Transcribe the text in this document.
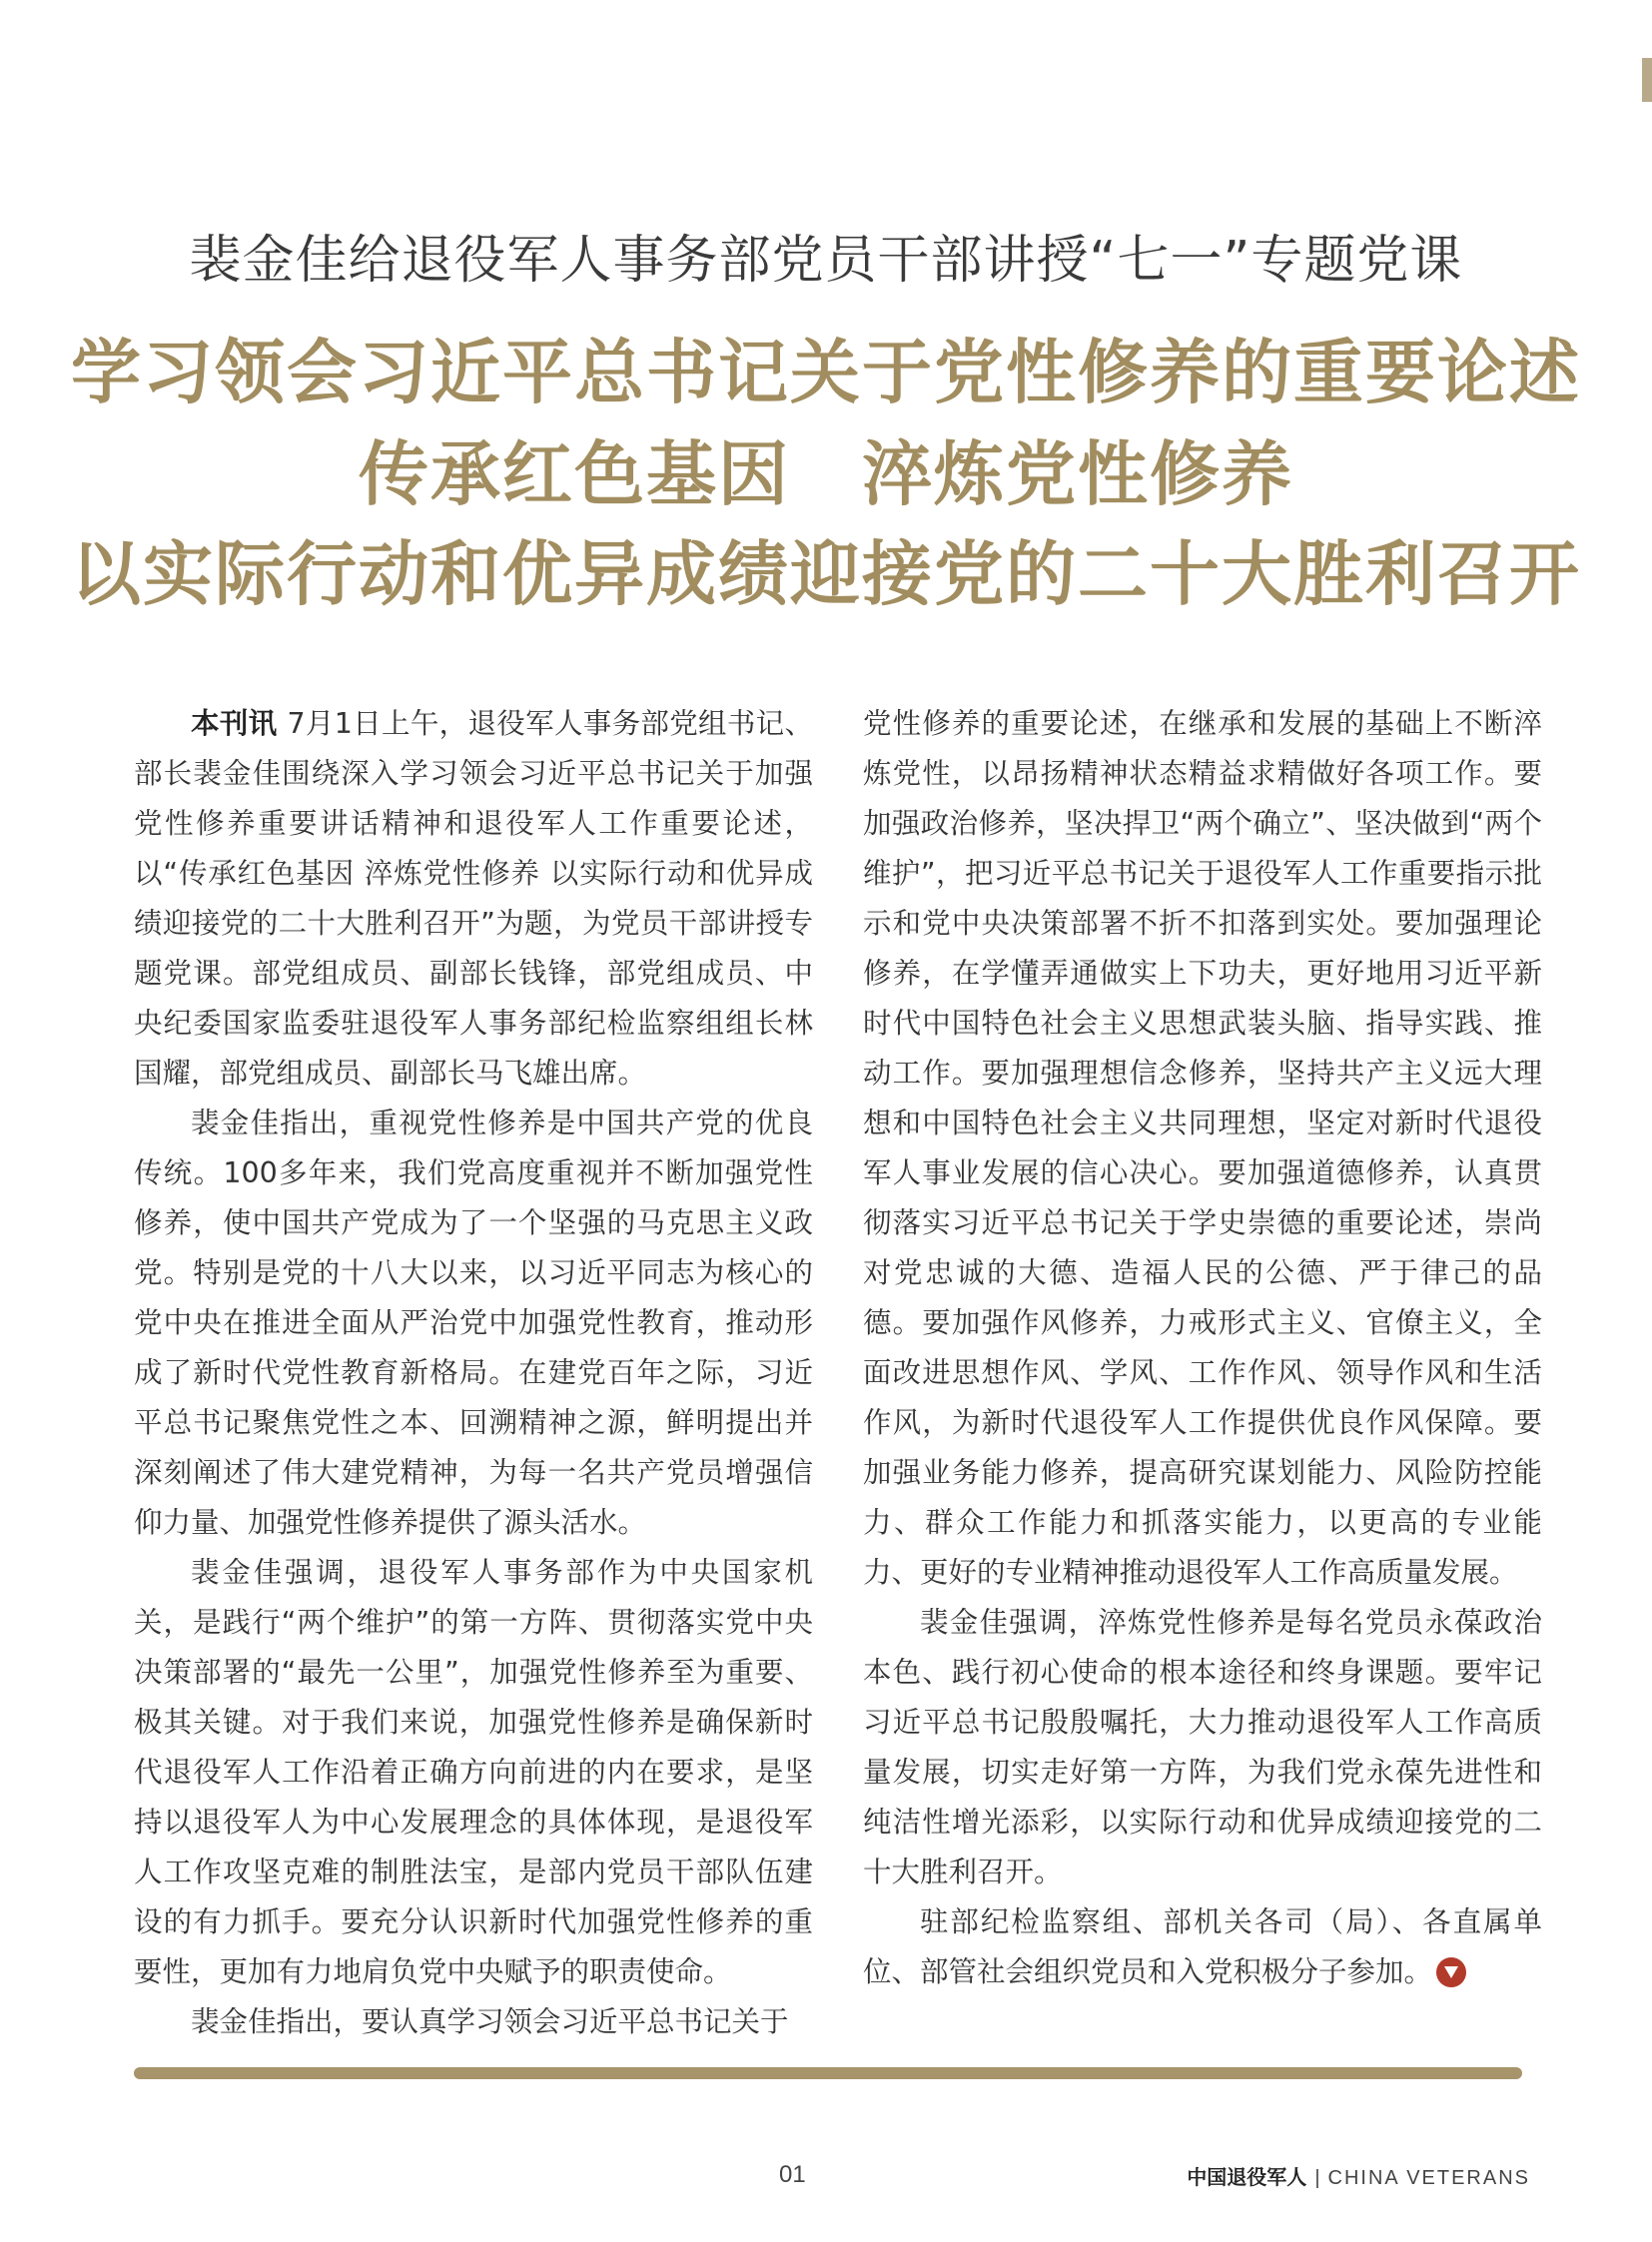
裴金佳给退役军人事务部党员干部讲授“七一”专题党课
学习领会习近平总书记关于党性修养的重要论述
传承红色基因　淬炼党性修养
以实际行动和优异成绩迎接党的二十大胜利召开

本刊讯 7月1日上午，退役军人事务部党组书记、部长裴金佳围绕深入学习领会习近平总书记关于加强党性修养重要讲话精神和退役军人工作重要论述，以“传承红色基因 淬炼党性修养 以实际行动和优异成绩迎接党的二十大胜利召开”为题，为党员干部讲授专题党课。部党组成员、副部长钱锋，部党组成员、中央纪委国家监委驻退役军人事务部纪检监察组组长林国耀，部党组成员、副部长马飞雄出席。

裴金佳指出，重视党性修养是中国共产党的优良传统。100多年来，我们党高度重视并不断加强党性修养，使中国共产党成为了一个坚强的马克思主义政党。特别是党的十八大以来，以习近平同志为核心的党中央在推进全面从严治党中加强党性教育，推动形成了新时代党性教育新格局。在建党百年之际，习近平总书记聚焦党性之本、回溯精神之源，鲜明提出并深刻阐述了伟大建党精神，为每一名共产党员增强信仰力量、加强党性修养提供了源头活水。

裴金佳强调，退役军人事务部作为中央国家机关，是践行“两个维护”的第一方阵、贯彻落实党中央决策部署的“最先一公里”，加强党性修养至为重要、极其关键。对于我们来说，加强党性修养是确保新时代退役军人工作沿着正确方向前进的内在要求，是坚持以退役军人为中心发展理念的具体体现，是退役军人工作攻坚克难的制胜法宝，是部内党员干部队伍建设的有力抓手。要充分认识新时代加强党性修养的重要性，更加有力地肩负党中央赋予的职责使命。

裴金佳指出，要认真学习领会习近平总书记关于

党性修养的重要论述，在继承和发展的基础上不断淬炼党性，以昂扬精神状态精益求精做好各项工作。要加强政治修养，坚决捍卫“两个确立”、坚决做到“两个维护”，把习近平总书记关于退役军人工作重要指示批示和党中央决策部署不折不扣落到实处。要加强理论修养，在学懂弄通做实上下功夫，更好地用习近平新时代中国特色社会主义思想武装头脑、指导实践、推动工作。要加强理想信念修养，坚持共产主义远大理想和中国特色社会主义共同理想，坚定对新时代退役军人事业发展的信心决心。要加强道德修养，认真贯彻落实习近平总书记关于学史崇德的重要论述，崇尚对党忠诚的大德、造福人民的公德、严于律己的品德。要加强作风修养，力戒形式主义、官僚主义，全面改进思想作风、学风、工作作风、领导作风和生活作风，为新时代退役军人工作提供优良作风保障。要加强业务能力修养，提高研究谋划能力、风险防控能力、群众工作能力和抓落实能力，以更高的专业能力、更好的专业精神推动退役军人工作高质量发展。

裴金佳强调，淬炼党性修养是每名党员永葆政治本色、践行初心使命的根本途径和终身课题。要牢记习近平总书记殷殷嘱托，大力推动退役军人工作高质量发展，切实走好第一方阵，为我们党永葆先进性和纯洁性增光添彩，以实际行动和优异成绩迎接党的二十大胜利召开。

驻部纪检监察组、部机关各司（局）、各直属单位、部管社会组织党员和入党积极分子参加。

01	中国退役军人 | CHINA VETERANS
